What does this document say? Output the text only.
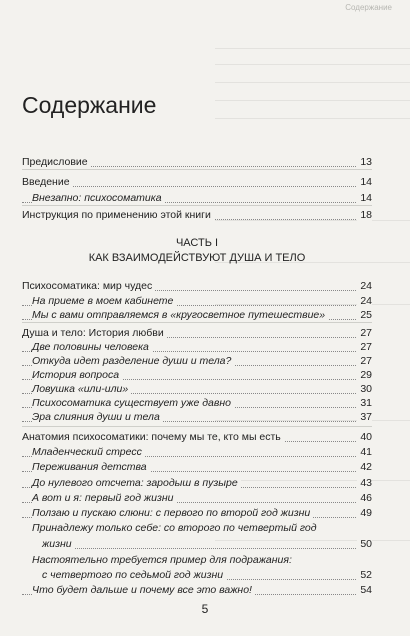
Содержание
Содержание
Предисловие	13
Введение	14
Внезапно: психосоматика	14
Инструкция по применению этой книги	18
ЧАСТЬ I
КАК ВЗАИМОДЕЙСТВУЮТ ДУША И ТЕЛО
Психосоматика: мир чудес	24
На приеме в моем кабинете	24
Мы с вами отправляемся в «кругосветное путешествие»	25
Душа и тело: История любви	27
Две половины человека	27
Откуда идет разделение души и тела?	27
История вопроса	29
Ловушка «или-или»	30
Психосоматика существует уже давно	31
Эра слияния души и тела	37
Анатомия психосоматики: почему мы те, кто мы есть	40
Младенческий стресс	41
Переживания детства	42
До нулевого отсчета: зародыш в пузыре	43
А вот и я: первый год жизни	46
Ползаю и пускаю слюни: с первого по второй год жизни	49
Принадлежу только себе: со второго по четвертый год
жизни	50
Настоятельно требуется пример для подражания:
с четвертого по седьмой год жизни	52
Что будет дальше и почему все это важно!	54
5
